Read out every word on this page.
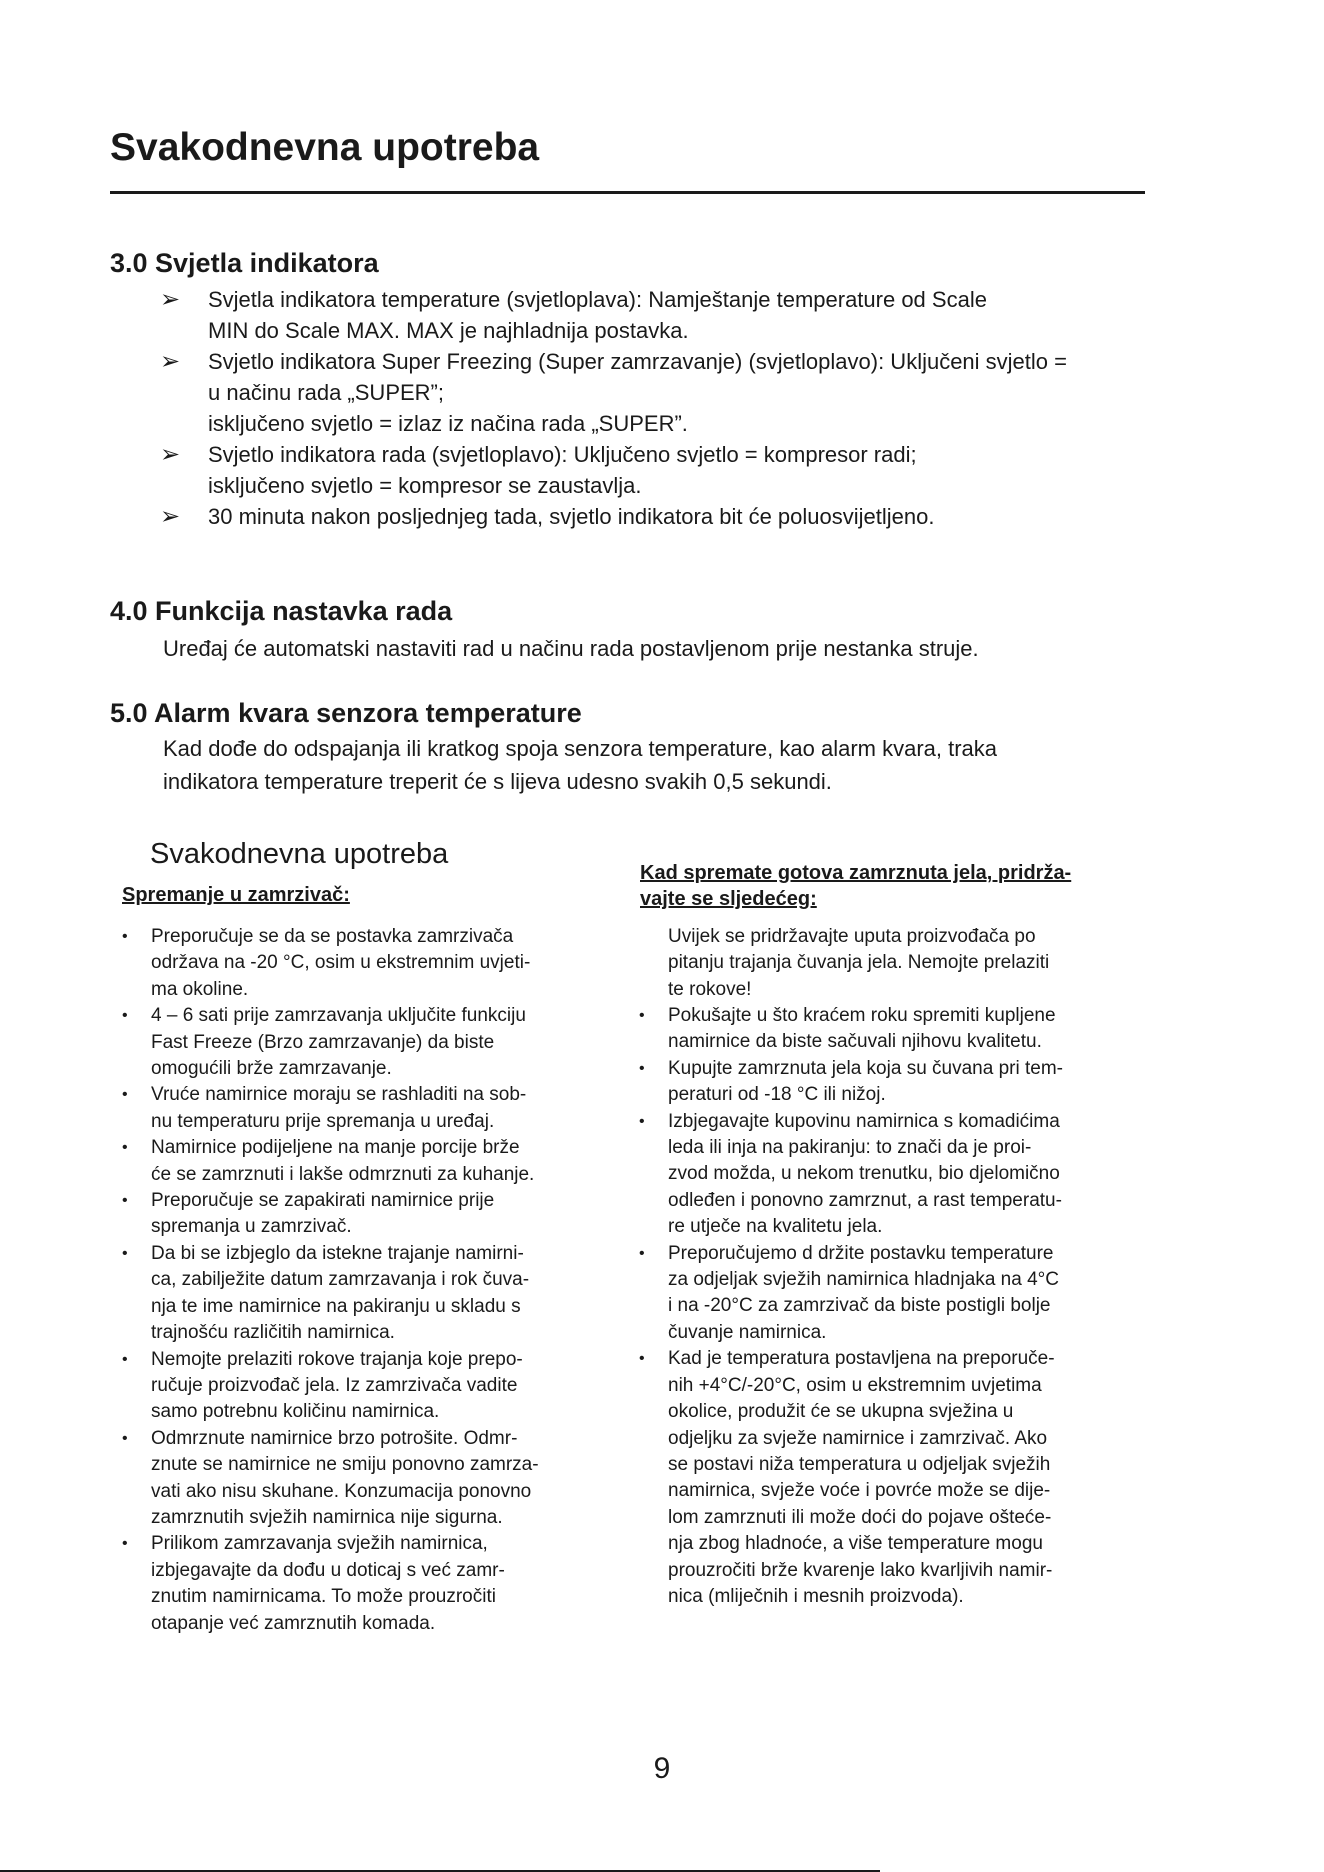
Svakodnevna upotreba
3.0 Svjetla indikatora
➢	Svjetla indikatora temperature (svjetloplava): Namještanje temperature od Scale
MIN do Scale MAX. MAX je najhladnija postavka.
➢	Svjetlo indikatora Super Freezing (Super zamrzavanje) (svjetloplavo): Uključeni svjetlo =
u načinu rada „SUPER”;
isključeno svjetlo = izlaz iz načina rada „SUPER”.
➢	Svjetlo indikatora rada (svjetloplavo): Uključeno svjetlo = kompresor radi;
isključeno svjetlo = kompresor se zaustavlja.
➢	30 minuta nakon posljednjeg tada, svjetlo indikatora bit će poluosvijetljeno.
4.0 Funkcija nastavka rada

Uređaj će automatski nastaviti rad u načinu rada postavljenom prije nestanka struje.

5.0 Alarm kvara senzora temperature

Kad dođe do odspajanja ili kratkog spoja senzora temperature, kao alarm kvara, traka
indikatora temperature treperit će s lijeva udesno svakih 0,5 sekundi.

Svakodnevna upotreba
Spremanje u zamrzivač:
• Preporučuje se da se postavka zamrzivača
održava na -20 °C, osim u ekstremnim uvjeti-
ma okoline.
• 4 – 6 sati prije zamrzavanja uključite funkciju
Fast Freeze (Brzo zamrzavanje) da biste
omogućili brže zamrzavanje.
• Vruće namirnice moraju se rashladiti na sob-
nu temperaturu prije spremanja u uređaj.
• Namirnice podijeljene na manje porcije brže
će se zamrznuti i lakše odmrznuti za kuhanje.
• Preporučuje se zapakirati namirnice prije
spremanja u zamrzivač.
• Da bi se izbjeglo da istekne trajanje namirni-
ca, zabilježite datum zamrzavanja i rok čuva-
nja te ime namirnice na pakiranju u skladu s
trajnošću različitih namirnica.
• Nemojte prelaziti rokove trajanja koje prepo-
ručuje proizvođač jela. Iz zamrzivača vadite
samo potrebnu količinu namirnica.
• Odmrznute namirnice brzo potrošite. Odmr-
znute se namirnice ne smiju ponovno zamrza-
vati ako nisu skuhane. Konzumacija ponovno
zamrznutih svježih namirnica nije sigurna.
• Prilikom zamrzavanja svježih namirnica,
izbjegavajte da dođu u doticaj s već zamr-
znutim namirnicama. To može prouzročiti
otapanje već zamrznutih komada.
Kad spremate gotova zamrznuta jela, pridrža-
vajte se sljedećeg:
Uvijek se pridržavajte uputa proizvođača po
pitanju trajanja čuvanja jela. Nemojte prelaziti
te rokove!
• Pokušajte u što kraćem roku spremiti kupljene
namirnice da biste sačuvali njihovu kvalitetu.
• Kupujte zamrznuta jela koja su čuvana pri tem-
peraturi od -18 °C ili nižoj.
• Izbjegavajte kupovinu namirnica s komadićima
leda ili inja na pakiranju: to znači da je proi-
zvod možda, u nekom trenutku, bio djelomično
odleđen i ponovno zamrznut, a rast temperatu-
re utječe na kvalitetu jela.
• Preporučujemo d držite postavku temperature
za odjeljak svježih namirnica hladnjaka na 4°C
i na -20°C za zamrzivač da biste postigli bolje
čuvanje namirnica.
• Kad je temperatura postavljena na preporuče-
nih +4°C/-20°C, osim u ekstremnim uvjetima
okolice, produžit će se ukupna svježina u
odjeljku za svježe namirnice i zamrzivač. Ako
se postavi niža temperatura u odjeljak svježih
namirnica, svježe voće i povrće može se dije-
lom zamrznuti ili može doći do pojave ošteće-
nja zbog hladnoće, a više temperature mogu
prouzročiti brže kvarenje lako kvarljivih namir-
nica (mliječnih i mesnih proizvoda).

9
